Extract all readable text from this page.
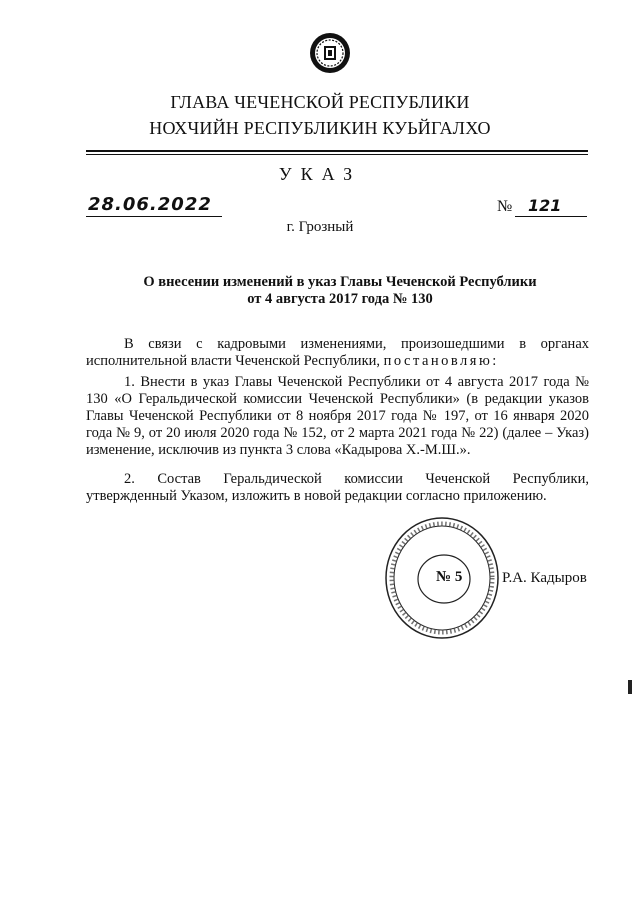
ГЛАВА ЧЕЧЕНСКОЙ РЕСПУБЛИКИ
НОХЧИЙН РЕСПУБЛИКИН КУЬЙГАЛХО
УКАЗ
28.06.2022	№ 121
г. Грозный
О внесении изменений в указ Главы Чеченской Республики
от 4 августа 2017 года № 130

В связи с кадровыми изменениями, произошедшими в органах исполнительной власти Чеченской Республики, постановляю:

1. Внести в указ Главы Чеченской Республики от 4 августа 2017 года № 130 «О Геральдической комиссии Чеченской Республики» (в редакции указов Главы Чеченской Республики от 8 ноября 2017 года № 197, от 16 января 2020 года № 9, от 20 июля 2020 года № 152, от 2 марта 2021 года № 22) (далее – Указ) изменение, исключив из пункта 3 слова «Кадырова Х.-М.Ш.».

2. Состав Геральдической комиссии Чеченской Республики, утвержденный Указом, изложить в новой редакции согласно приложению.

№ 5	Р.А. Кадыров
